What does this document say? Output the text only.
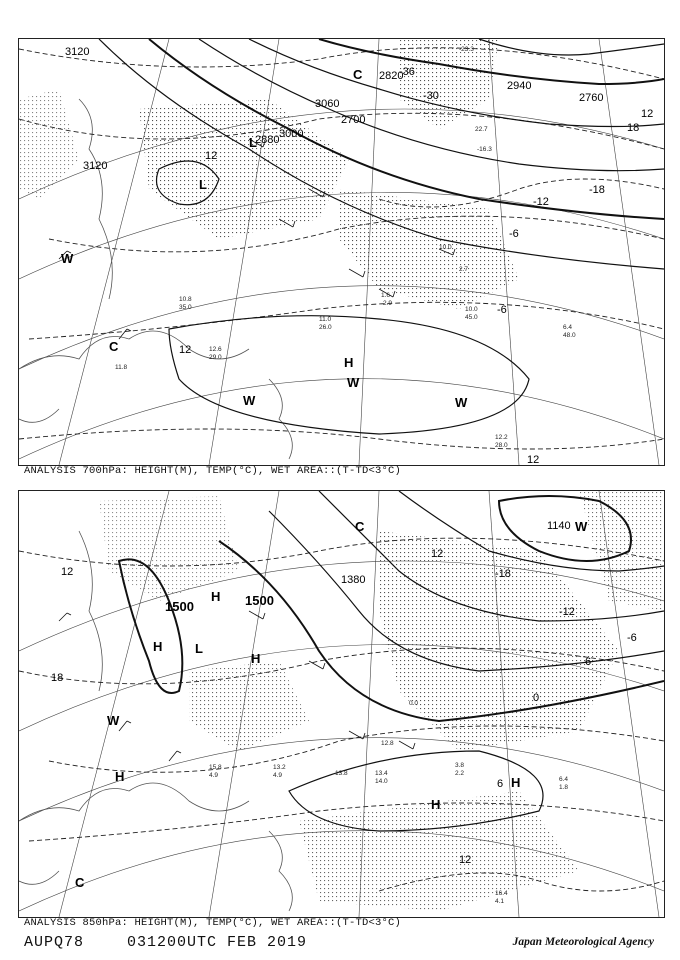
3120
3120
3060
3000
2940
2880
2820
2760
2700
12
18
12
12
-18
-12
-6
-6
-36
-30
12
L
L
C
C
H
W
W	W
W
11.0
26.0
10.8
35.0
12.6
29.0
11.8
12.2
28.0
6.4
48.0
10.0
45.0
2.9
10.0
2.7
1.6
-16.3
22.7
-23.3
ANALYSIS 700hPa: HEIGHT(M), TEMP(°C), WET AREA::(T-TD<3°C)
1500	1500
1380
1140
12
18
12
-18
-12
-6
6
6
0
12
H
H
H
H
H
H
L
C
C
W
W
16.4
4.1
15.8
4.9
13.2
4.9	13.4
14.0
13.8
3.8
2.2
6.4
1.8
12.8
0.0
ANALYSIS 850hPa: HEIGHT(M), TEMP(°C), WET AREA::(T-TD<3°C)
AUPQ78	031200UTC FEB 2019	Japan Meteorological Agency
